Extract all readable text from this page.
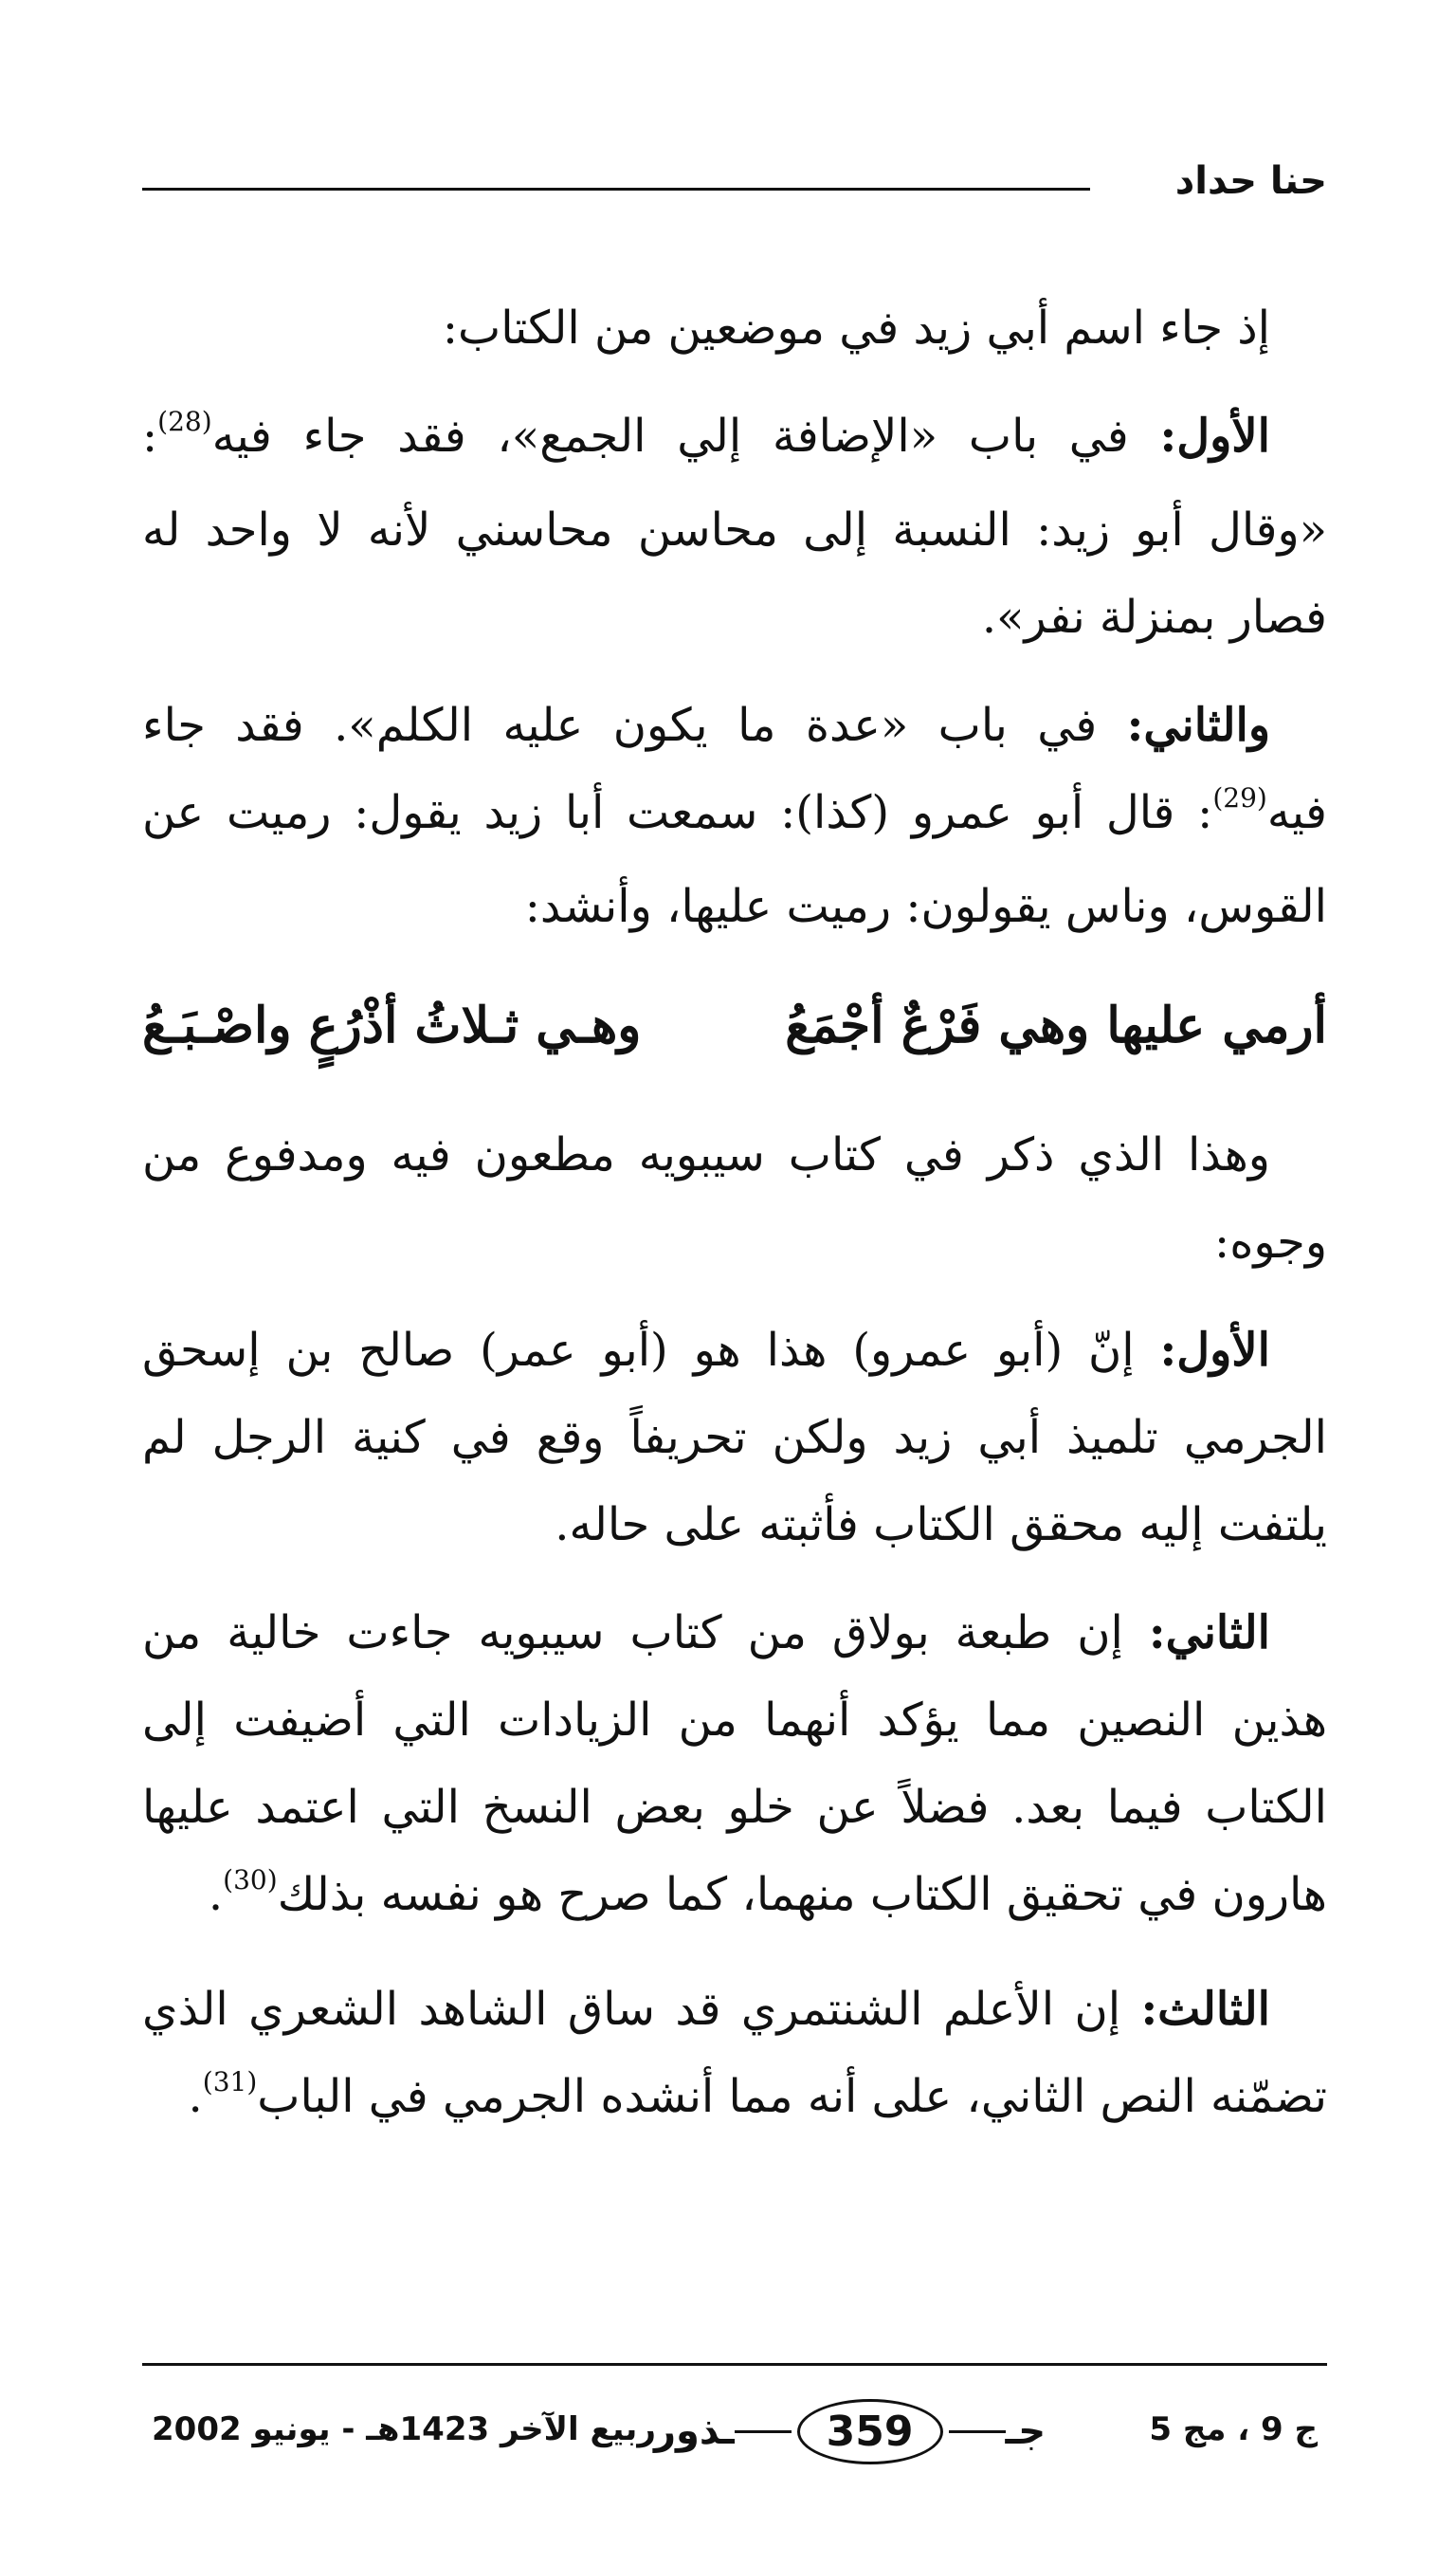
حنا حداد

إذ جاء اسم أبي زيد في موضعين من الكتاب:

الأول: في باب «الإضافة إلي الجمع»، فقد جاء فيه$^{(28)}$: «وقال أبو زيد: النسبة إلى محاسن محاسني لأنه لا واحد له فصار بمنزلة نفر».

والثاني: في باب «عدة ما يكون عليه الكلم». فقد جاء فيه$^{(29)}$: قال أبو عمرو (كذا): سمعت أبا زيد يقول: رميت عن القوس، وناس يقولون: رميت عليها، وأنشد:

أرمي عليها وهي فَرْعٌ أجْمَعُ
وهـي ثـلاثُ أذْرُعٍ واصْـبَـعُ

وهذا الذي ذكر في كتاب سيبويه مطعون فيه ومدفوع من وجوه:

الأول: إنّ (أبو عمرو) هذا هو (أبو عمر) صالح بن إسحق الجرمي تلميذ أبي زيد ولكن تحريفاً وقع في كنية الرجل لم يلتفت إليه محقق الكتاب فأثبته على حاله.

الثاني: إن طبعة بولاق من كتاب سيبويه جاءت خالية من هذين النصين مما يؤكد أنهما من الزيادات التي أضيفت إلى الكتاب فيما بعد. فضلاً عن خلو بعض النسخ التي اعتمد عليها هارون في تحقيق الكتاب منهما، كما صرح هو نفسه بذلك$^{(30)}$.

الثالث: إن الأعلم الشنتمري قد ساق الشاهد الشعري الذي تضمّنه النص الثاني، على أنه مما أنشده الجرمي في الباب$^{(31)}$.

ربيع الآخر 1423هـ - يونيو 2002	جـ
359
ـذور	ج 9 ، مج 5
